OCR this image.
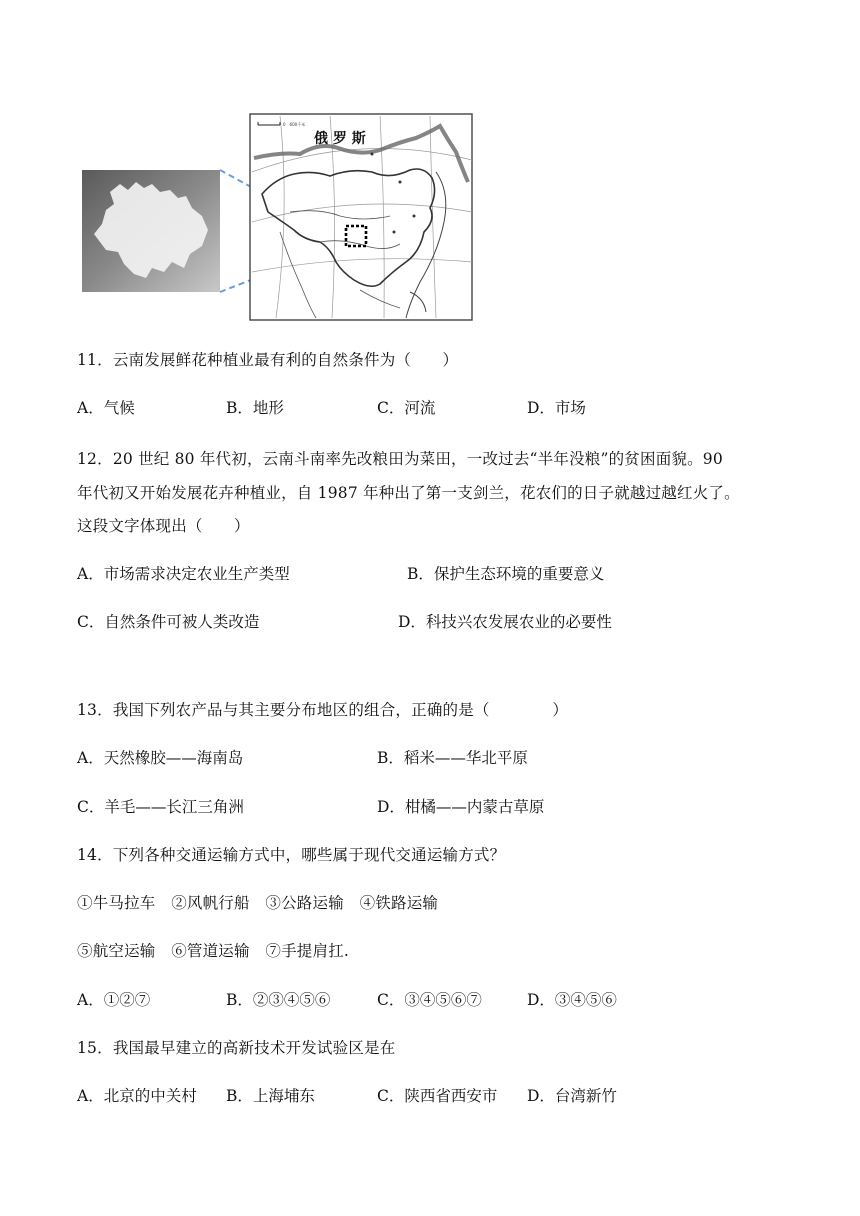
0　600千米
俄 罗 斯
11．云南发展鲜花种植业最有利的自然条件为（　　）
A．气候	B．地形	C．河流	D．市场
12．20 世纪 80 年代初，云南斗南率先改粮田为菜田，一改过去“半年没粮”的贫困面貌。90
年代初又开始发展花卉种植业，自 1987 年种出了第一支剑兰，花农们的日子就越过越红火了。
这段文字体现出（　　）
A．市场需求决定农业生产类型	B．保护生态环境的重要意义
C．自然条件可被人类改造	D．科技兴农发展农业的必要性
13．我国下列农产品与其主要分布地区的组合，正确的是（　　　　）
A．天然橡胶——海南岛	B．稻米——华北平原
C．羊毛——长江三角洲	D．柑橘——内蒙古草原
14．下列各种交通运输方式中，哪些属于现代交通运输方式？
①牛马拉车　②风帆行船　③公路运输　④铁路运输
⑤航空运输　⑥管道运输　⑦手提肩扛.
A．①②⑦	B．②③④⑤⑥	C．③④⑤⑥⑦	D．③④⑤⑥
15．我国最早建立的高新技术开发试验区是在
A．北京的中关村 B．上海埔东	C．陕西省西安市 D．台湾新竹
